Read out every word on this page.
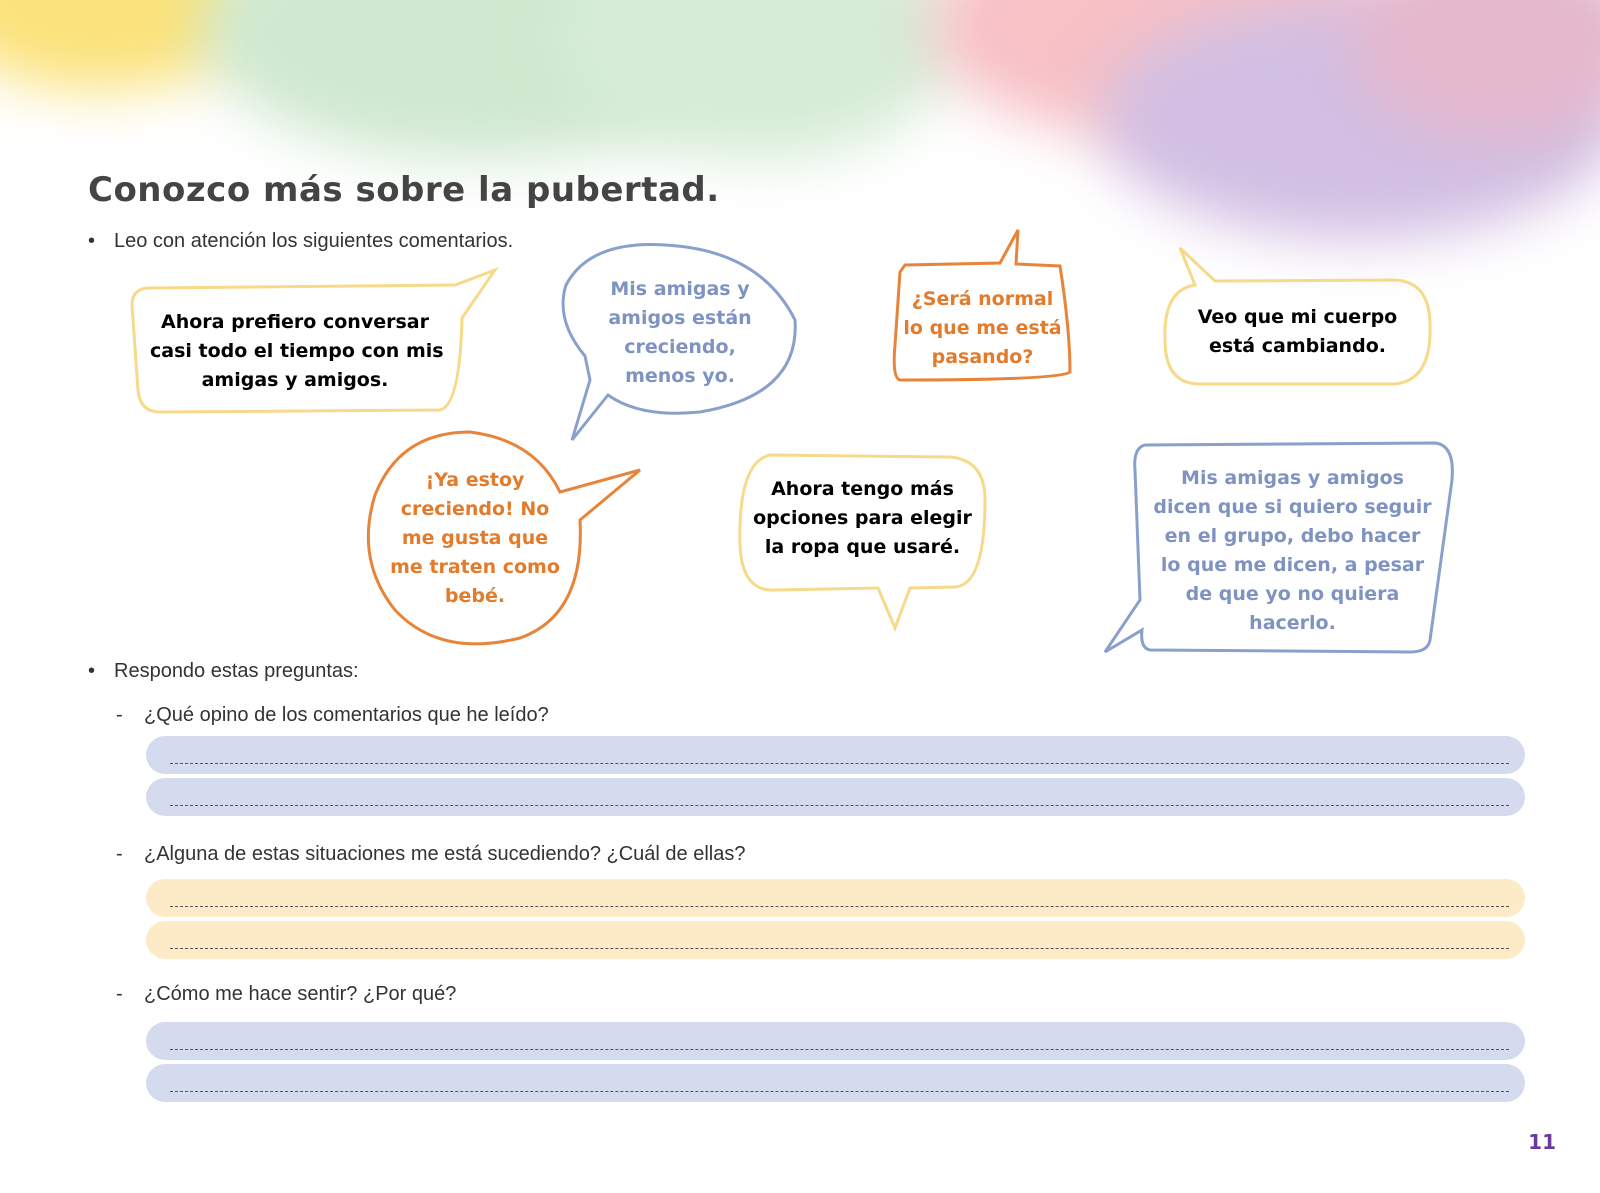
Conozco más sobre la pubertad.
• Leo con atención los siguientes comentarios.
Ahora prefiero conversar
casi todo el tiempo con mis
amigas y amigos.
Mis amigas y
amigos están
creciendo,
menos yo.
¿Será normal
lo que me está
pasando?
Veo que mi cuerpo
está cambiando.
¡Ya estoy
creciendo! No
me gusta que
me traten como
bebé.
Ahora tengo más
opciones para elegir
la ropa que usaré.
Mis amigas y amigos
dicen que si quiero seguir
en el grupo, debo hacer
lo que me dicen, a pesar
de que yo no quiera
hacerlo.
• Respondo estas preguntas:
- ¿Qué opino de los comentarios que he leído?
- ¿Alguna de estas situaciones me está sucediendo? ¿Cuál de ellas?
- ¿Cómo me hace sentir? ¿Por qué?
11
